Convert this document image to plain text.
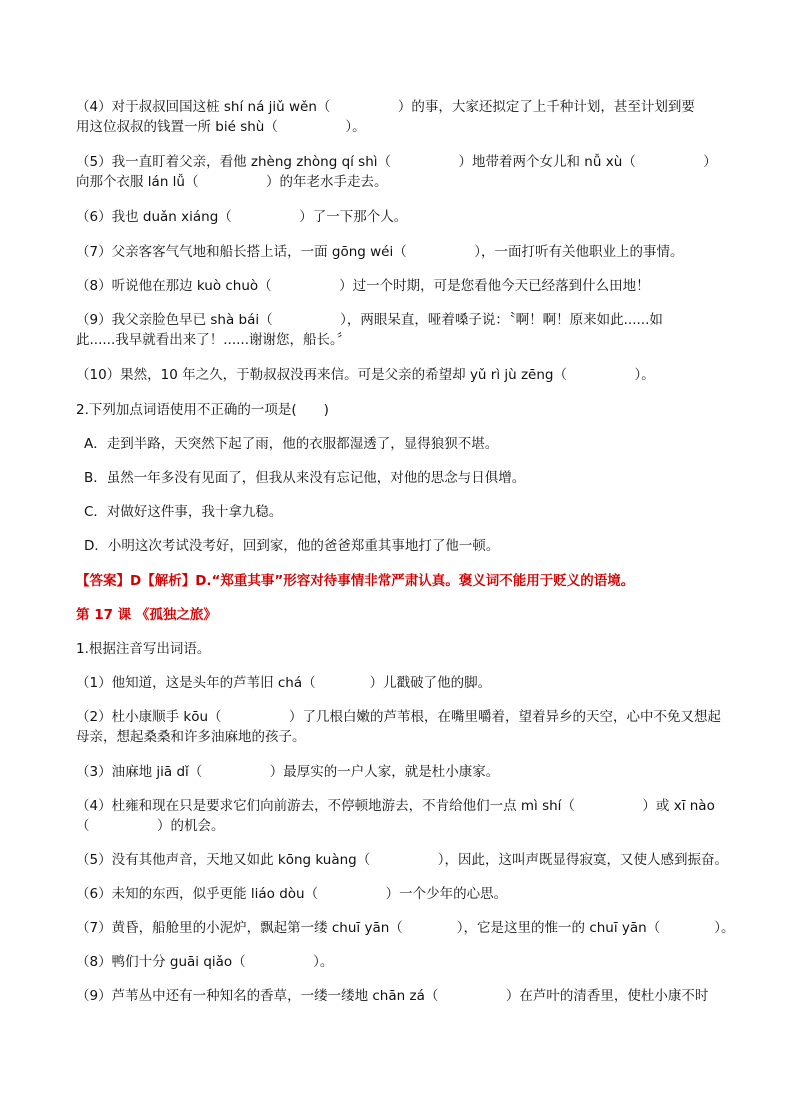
（4）对于叔叔回国这桩 shí ná jiǔ wěn（　　　　　）的事，大家还拟定了上千种计划，甚至计划到要
用这位叔叔的钱置一所 bié shù（　　　　　）。
（5）我一直盯着父亲，看他 zhèng zhòng qí shì（　　　　　）地带着两个女儿和 nǚ xù（　　　　　）
向那个衣服 lán lǚ（　　　　　）的年老水手走去。
（6）我也 duǎn xiáng（　　　　　）了一下那个人。
（7）父亲客客气气地和船长搭上话，一面 gōng wéi（　　　　　），一面打听有关他职业上的事情。
（8）听说他在那边 kuò chuò（　　　　　）过一个时期，可是您看他今天已经落到什么田地！
（9）我父亲脸色早已 shà bái（　　　　　），两眼呆直，哑着嗓子说：〝啊！啊！原来如此......如
此......我早就看出来了！......谢谢您，船长。〞
（10）果然，10 年之久，于勒叔叔没再来信。可是父亲的希望却 yǔ rì jù zēng（　　　　　）。
2.下列加点词语使用不正确的一项是(　　)
A．走到半路，天突然下起了雨，他的衣服都湿透了，显得狼狈不堪。
B．虽然一年多没有见面了，但我从来没有忘记他，对他的思念与日俱增。
C．对做好这件事，我十拿九稳。
D．小明这次考试没考好，回到家，他的爸爸郑重其事地打了他一顿。
【答案】D【解析】D.“郑重其事”形容对待事情非常严肃认真。褒义词不能用于贬义的语境。
第 17 课 《孤独之旅》
1.根据注音写出词语。
（1）他知道，这是头年的芦苇旧 chá（　　　　）儿戳破了他的脚。
（2）杜小康顺手 kōu（　　　　　）了几根白嫩的芦苇根，在嘴里嚼着，望着异乡的天空，心中不免又想起
母亲，想起桑桑和许多油麻地的孩子。
（3）油麻地 jiā dǐ（　　　　　）最厚实的一户人家，就是杜小康家。
（4）杜雍和现在只是要求它们向前游去，不停顿地游去，不肯给他们一点 mì shí（　　　　　）或 xī nào
（　　　　　）的机会。
（5）没有其他声音，天地又如此 kōng kuàng（　　　　　），因此，这叫声既显得寂寞，又使人感到振奋。
（6）未知的东西，似乎更能 liáo dòu（　　　　　）一个少年的心思。
（7）黄昏，船舱里的小泥炉，飘起第一缕 chuī yān（　　　　），它是这里的惟一的 chuī yān（　　　　）。
（8）鸭们十分 guāi qiǎo（　　　　　）。
（9）芦苇丛中还有一种知名的香草，一缕一缕地 chān zá（　　　　　）在芦叶的清香里，使杜小康不时
